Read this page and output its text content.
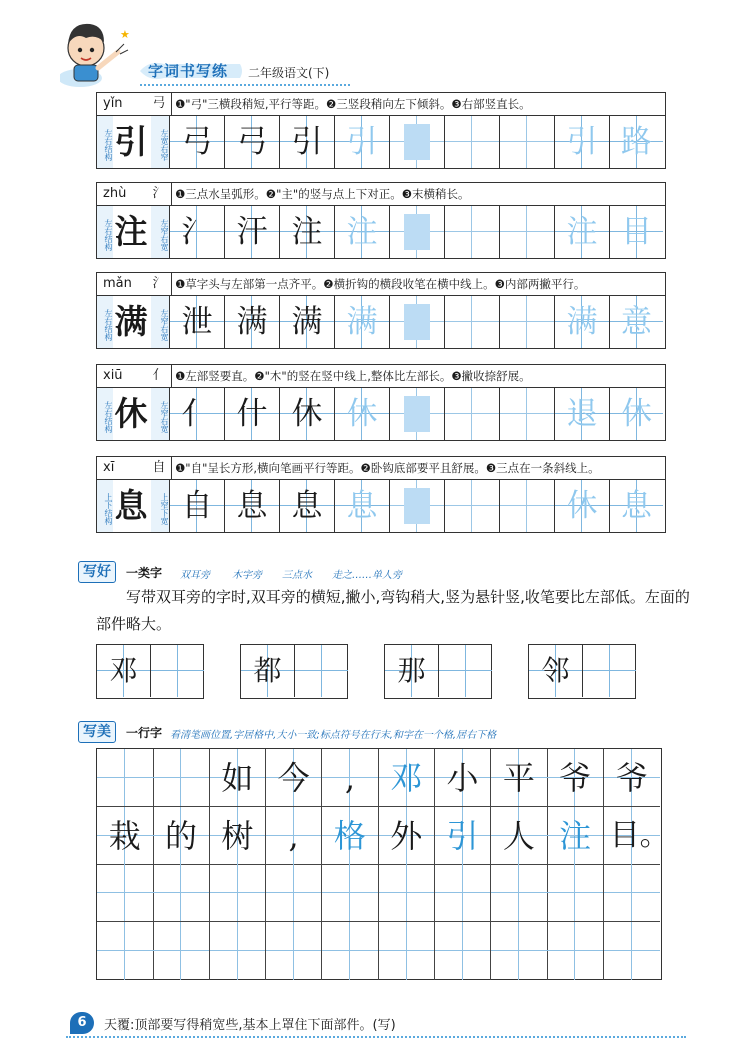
★
字词书写练 二年级语文(下)
yǐn	弓 ❶"弓"三横段稍短,平行等距。❷三竖段稍向左下倾斜。❸右部竖直长。
左右结构 引	左宽右窄 弓 弓 引 引	引 路
zhù	氵 ❶三点水呈弧形。❷"主"的竖与点上下对正。❸末横稍长。
左右结构 注	左窄右宽 氵 汗 注 注	注 目
mǎn	氵 ❶草字头与左部第一点齐平。❷横折钩的横段收笔在横中线上。❸内部两撇平行。
左右结构 满	左窄右宽 泄 满 满 满	满 意
xiū	亻 ❶左部竖要直。❷"木"的竖在竖中线上,整体比左部长。❸撇收捺舒展。
左右结构 休	左窄右宽 亻 什 休 休	退 休
xī	自 ❶"自"呈长方形,横向笔画平行等距。❷卧钩底部要平且舒展。❸三点在一条斜线上。
上下结构 息	上窄下宽 自 息 息 息	休 息
写好	一类字 双耳旁 木字旁 三点水 走之……单人旁
写带双耳旁的字时,双耳旁的横短,撇小,弯钩稍大,竖为悬针竖,收笔要比左部低。左面的部件略大。
邓	都	那	邻
写美	一行字 看清笔画位置,字居格中,大小一致;标点符号在行末,和字在一个格,居右下格
如 今	,	邓 小 平 爷 爷
栽 的 树	,	格 外 引 人 注 目。
6	天覆:顶部要写得稍宽些,基本上罩住下面部件。(写)
